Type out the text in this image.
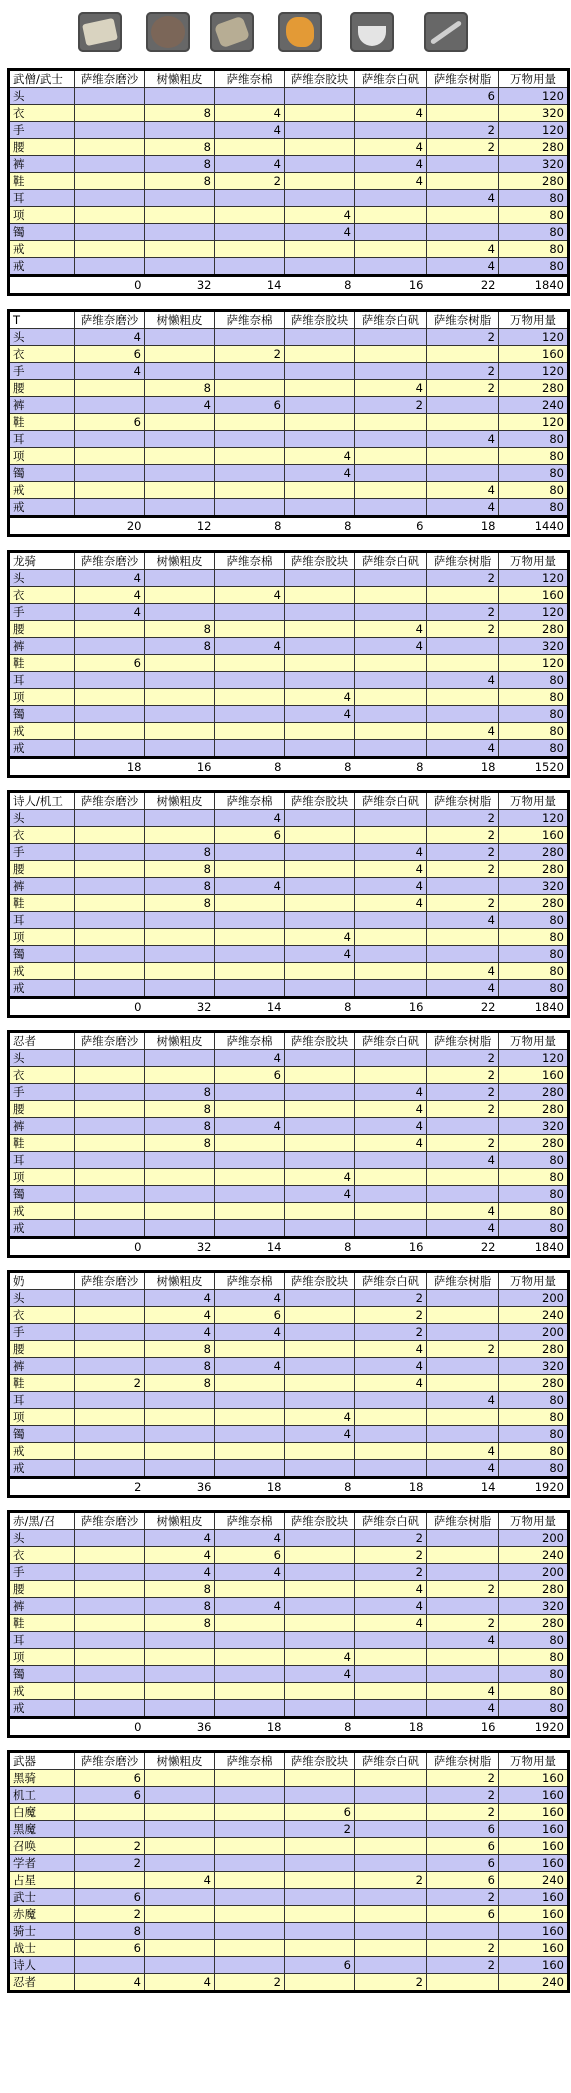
武僧/武士	萨维奈磨沙	树懒粗皮	萨维奈棉	萨维奈胶块	萨维奈白矾	萨维奈树脂	万物用量
头						6	120
衣		8	4		4		320
手			4			2	120
腰		8			4	2	280
裤		8	4		4		320
鞋		8	2		4		280
耳						4	80
项				4			80
镯				4			80
戒						4	80
戒						4	80
	0	32	14	8	16	22	1840
T	萨维奈磨沙	树懒粗皮	萨维奈棉	萨维奈胶块	萨维奈白矾	萨维奈树脂	万物用量
头	4					2	120
衣	6		2				160
手	4					2	120
腰		8			4	2	280
裤		4	6		2		240
鞋	6						120
耳						4	80
项				4			80
镯				4			80
戒						4	80
戒						4	80
	20	12	8	8	6	18	1440
龙骑	萨维奈磨沙	树懒粗皮	萨维奈棉	萨维奈胶块	萨维奈白矾	萨维奈树脂	万物用量
头	4					2	120
衣	4		4				160
手	4					2	120
腰		8			4	2	280
裤		8	4		4		320
鞋	6						120
耳						4	80
项				4			80
镯				4			80
戒						4	80
戒						4	80
	18	16	8	8	8	18	1520
诗人/机工	萨维奈磨沙	树懒粗皮	萨维奈棉	萨维奈胶块	萨维奈白矾	萨维奈树脂	万物用量
头			4			2	120
衣			6			2	160
手		8			4	2	280
腰		8			4	2	280
裤		8	4		4		320
鞋		8			4	2	280
耳						4	80
项				4			80
镯				4			80
戒						4	80
戒						4	80
	0	32	14	8	16	22	1840
忍者	萨维奈磨沙	树懒粗皮	萨维奈棉	萨维奈胶块	萨维奈白矾	萨维奈树脂	万物用量
头			4			2	120
衣			6			2	160
手		8			4	2	280
腰		8			4	2	280
裤		8	4		4		320
鞋		8			4	2	280
耳						4	80
项				4			80
镯				4			80
戒						4	80
戒						4	80
	0	32	14	8	16	22	1840
奶	萨维奈磨沙	树懒粗皮	萨维奈棉	萨维奈胶块	萨维奈白矾	萨维奈树脂	万物用量
头		4	4		2		200
衣		4	6		2		240
手		4	4		2		200
腰		8			4	2	280
裤		8	4		4		320
鞋	2	8			4		280
耳						4	80
项				4			80
镯				4			80
戒						4	80
戒						4	80
	2	36	18	8	18	14	1920
赤/黑/召	萨维奈磨沙	树懒粗皮	萨维奈棉	萨维奈胶块	萨维奈白矾	萨维奈树脂	万物用量
头		4	4		2		200
衣		4	6		2		240
手		4	4		2		200
腰		8			4	2	280
裤		8	4		4		320
鞋		8			4	2	280
耳						4	80
项				4			80
镯				4			80
戒						4	80
戒						4	80
	0	36	18	8	18	16	1920
武器	萨维奈磨沙	树懒粗皮	萨维奈棉	萨维奈胶块	萨维奈白矾	萨维奈树脂	万物用量
黑骑	6					2	160
机工	6					2	160
白魔				6		2	160
黑魔				2		6	160
召唤	2					6	160
学者	2					6	160
占星		4			2	6	240
武士	6					2	160
赤魔	2					6	160
骑士	8						160
战士	6					2	160
诗人				6		2	160
忍者	4	4	2		2		240
